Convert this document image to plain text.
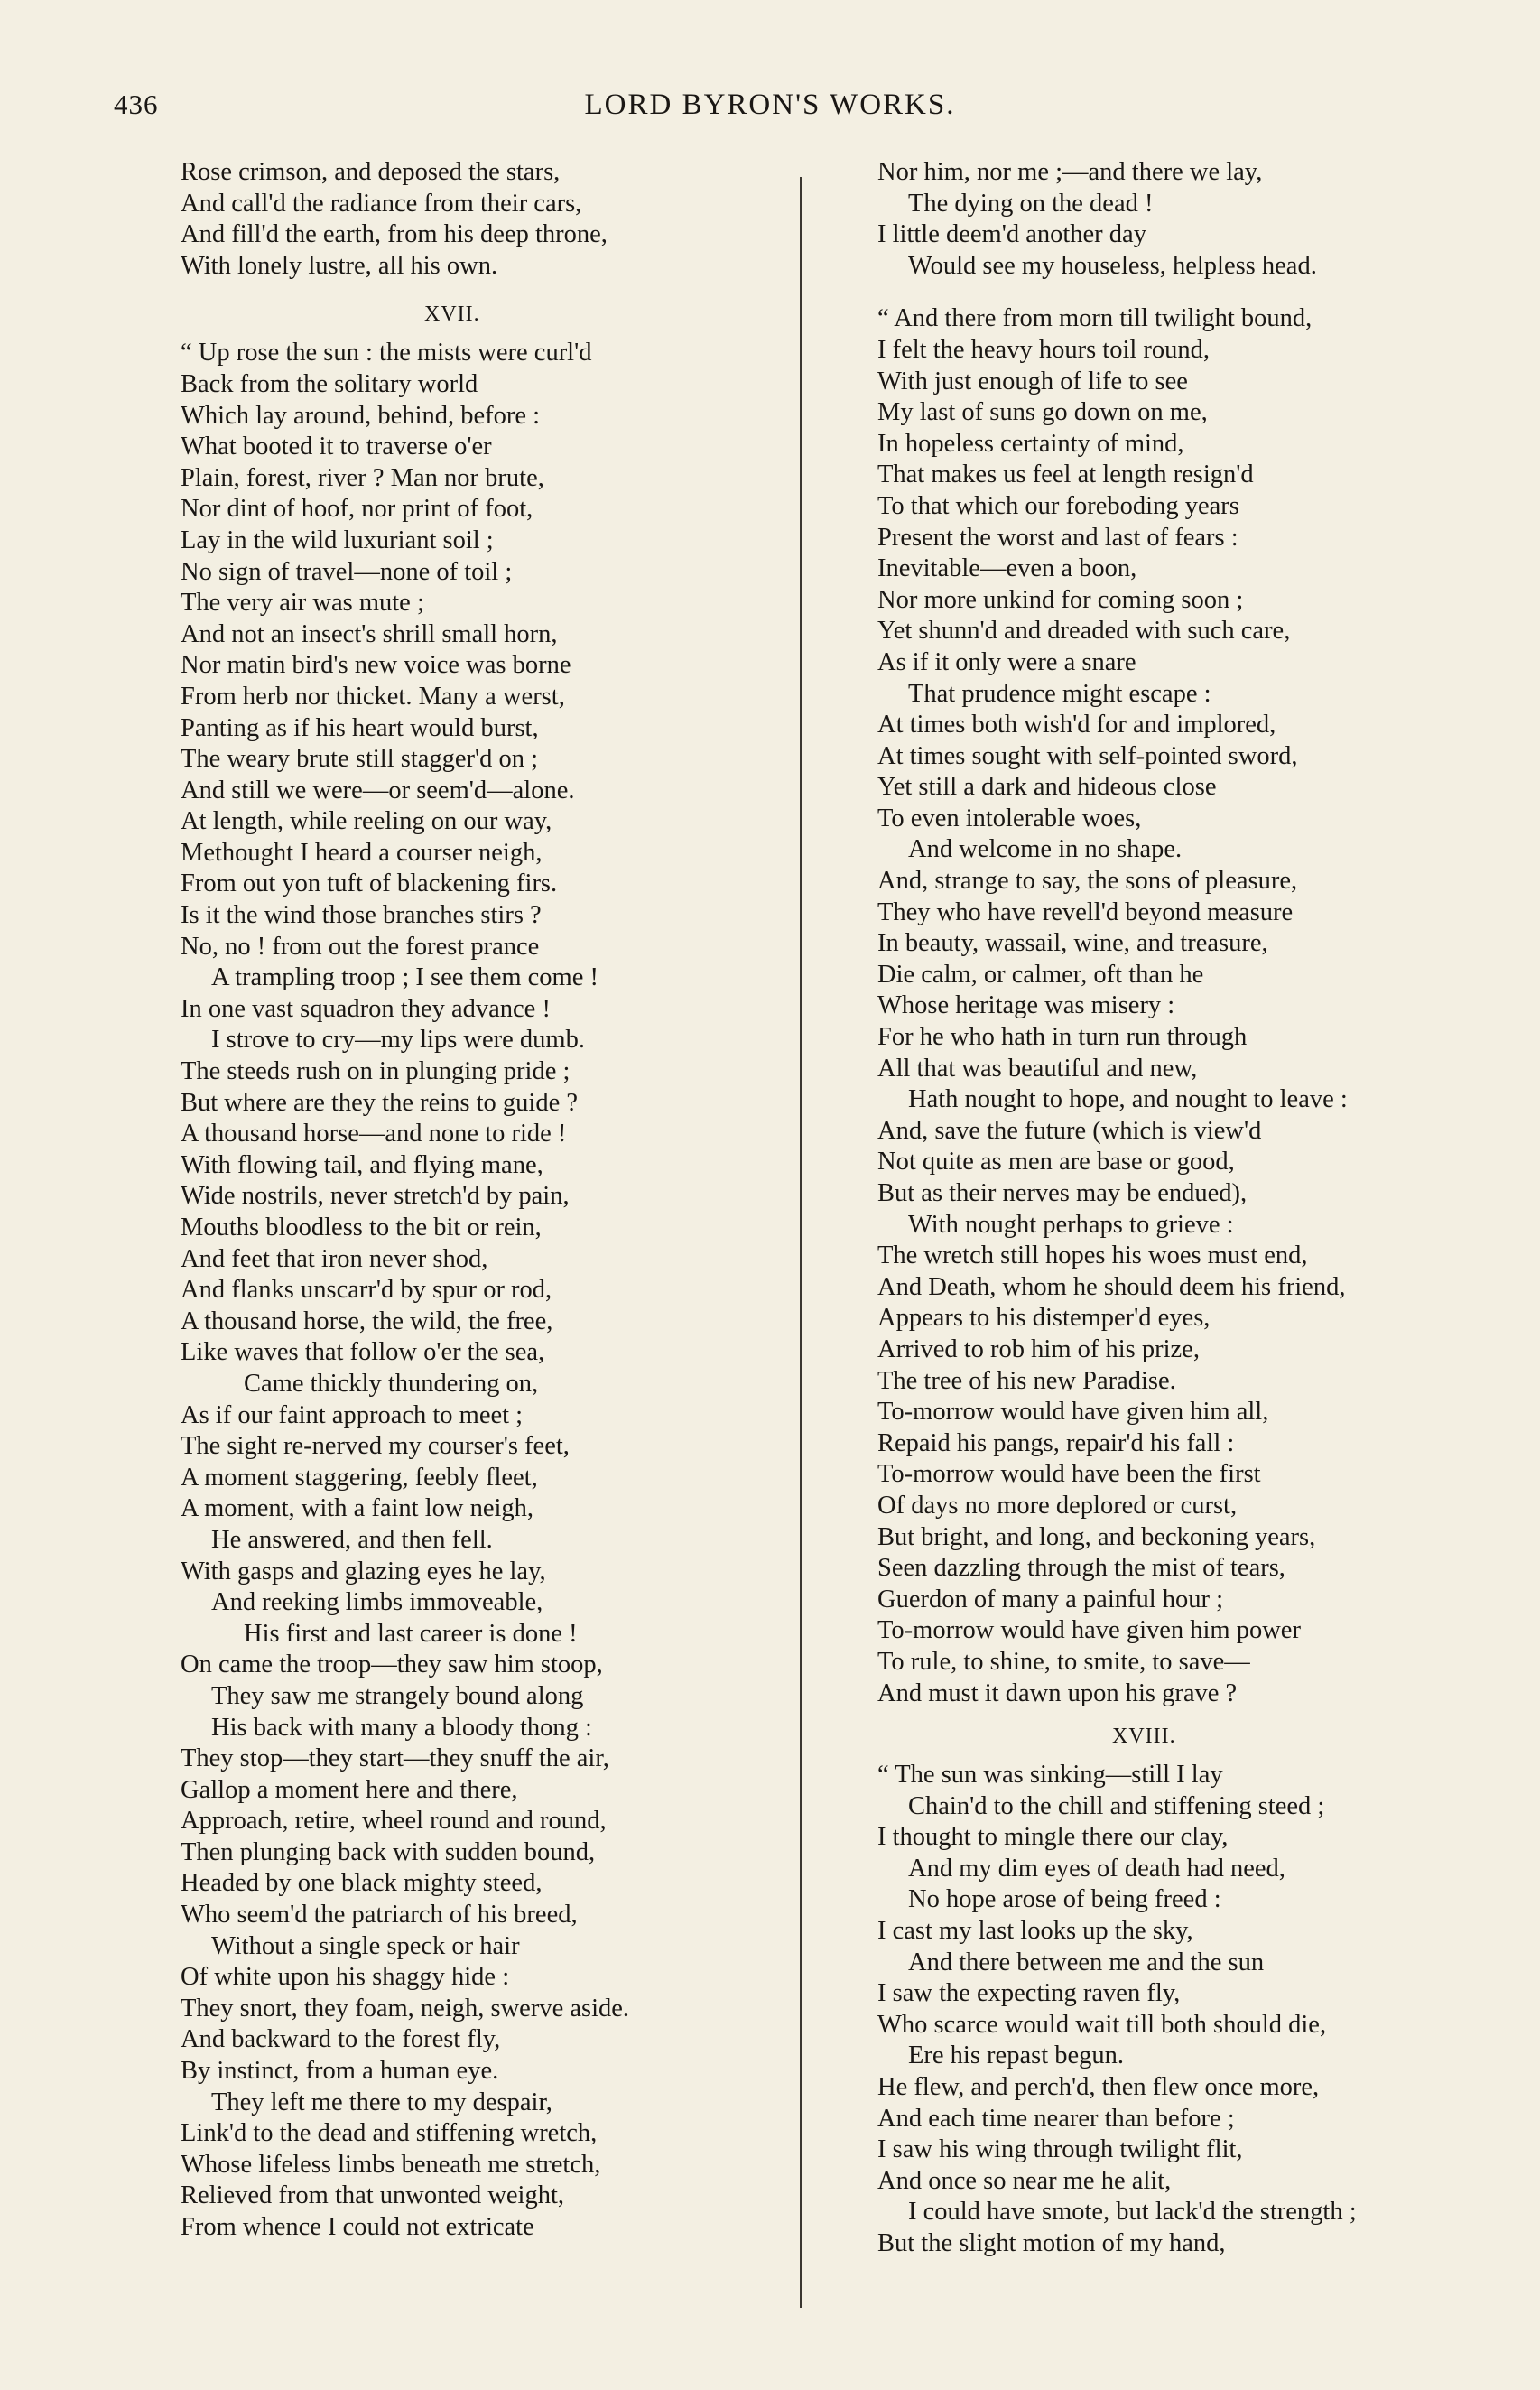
436	LORD BYRON'S WORKS.
Rose crimson, and deposed the stars,
And call'd the radiance from their cars,
And fill'd the earth, from his deep throne,
With lonely lustre, all his own.
XVII.
“ Up rose the sun : the mists were curl'd
Back from the solitary world
Which lay around, behind, before :
What booted it to traverse o'er
Plain, forest, river ? Man nor brute,
Nor dint of hoof, nor print of foot,
Lay in the wild luxuriant soil ;
No sign of travel—none of toil ;
The very air was mute ;
And not an insect's shrill small horn,
Nor matin bird's new voice was borne
From herb nor thicket. Many a werst,
Panting as if his heart would burst,
The weary brute still stagger'd on ;
And still we were—or seem'd—alone.
At length, while reeling on our way,
Methought I heard a courser neigh,
From out yon tuft of blackening firs.
Is it the wind those branches stirs ?
No, no ! from out the forest prance
A trampling troop ; I see them come !
In one vast squadron they advance !
I strove to cry—my lips were dumb.
The steeds rush on in plunging pride ;
But where are they the reins to guide ?
A thousand horse—and none to ride !
With flowing tail, and flying mane,
Wide nostrils, never stretch'd by pain,
Mouths bloodless to the bit or rein,
And feet that iron never shod,
And flanks unscarr'd by spur or rod,
A thousand horse, the wild, the free,
Like waves that follow o'er the sea,
Came thickly thundering on,
As if our faint approach to meet ;
The sight re-nerved my courser's feet,
A moment staggering, feebly fleet,
A moment, with a faint low neigh,
He answered, and then fell.
With gasps and glazing eyes he lay,
And reeking limbs immoveable,
His first and last career is done !
On came the troop—they saw him stoop,
They saw me strangely bound along
His back with many a bloody thong :
They stop—they start—they snuff the air,
Gallop a moment here and there,
Approach, retire, wheel round and round,
Then plunging back with sudden bound,
Headed by one black mighty steed,
Who seem'd the patriarch of his breed,
Without a single speck or hair
Of white upon his shaggy hide :
They snort, they foam, neigh, swerve aside.
And backward to the forest fly,
By instinct, from a human eye.
They left me there to my despair,
Link'd to the dead and stiffening wretch,
Whose lifeless limbs beneath me stretch,
Relieved from that unwonted weight,
From whence I could not extricate
Nor him, nor me ;—and there we lay,
The dying on the dead !
I little deem'd another day
Would see my houseless, helpless head.
“ And there from morn till twilight bound,
I felt the heavy hours toil round,
With just enough of life to see
My last of suns go down on me,
In hopeless certainty of mind,
That makes us feel at length resign'd
To that which our foreboding years
Present the worst and last of fears :
Inevitable—even a boon,
Nor more unkind for coming soon ;
Yet shunn'd and dreaded with such care,
As if it only were a snare
That prudence might escape :
At times both wish'd for and implored,
At times sought with self-pointed sword,
Yet still a dark and hideous close
To even intolerable woes,
And welcome in no shape.
And, strange to say, the sons of pleasure,
They who have revell'd beyond measure
In beauty, wassail, wine, and treasure,
Die calm, or calmer, oft than he
Whose heritage was misery :
For he who hath in turn run through
All that was beautiful and new,
Hath nought to hope, and nought to leave :
And, save the future (which is view'd
Not quite as men are base or good,
But as their nerves may be endued),
With nought perhaps to grieve :
The wretch still hopes his woes must end,
And Death, whom he should deem his friend,
Appears to his distemper'd eyes,
Arrived to rob him of his prize,
The tree of his new Paradise.
To-morrow would have given him all,
Repaid his pangs, repair'd his fall :
To-morrow would have been the first
Of days no more deplored or curst,
But bright, and long, and beckoning years,
Seen dazzling through the mist of tears,
Guerdon of many a painful hour ;
To-morrow would have given him power
To rule, to shine, to smite, to save—
And must it dawn upon his grave ?
XVIII.
“ The sun was sinking—still I lay
Chain'd to the chill and stiffening steed ;
I thought to mingle there our clay,
And my dim eyes of death had need,
No hope arose of being freed :
I cast my last looks up the sky,
And there between me and the sun
I saw the expecting raven fly,
Who scarce would wait till both should die,
Ere his repast begun.
He flew, and perch'd, then flew once more,
And each time nearer than before ;
I saw his wing through twilight flit,
And once so near me he alit,
I could have smote, but lack'd the strength ;
But the slight motion of my hand,
